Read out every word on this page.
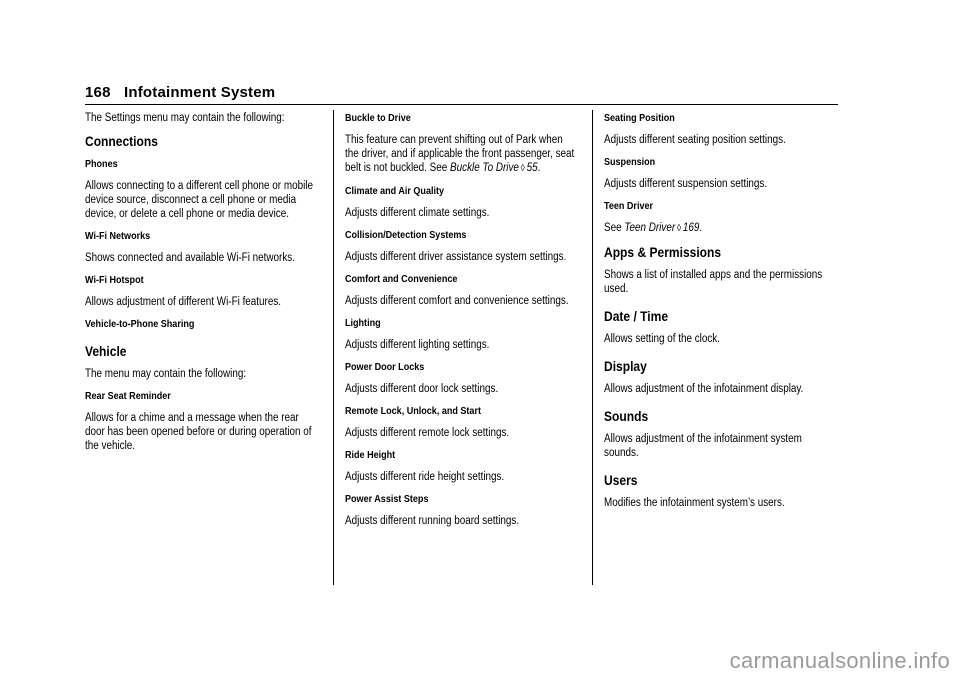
168 Infotainment System

The Settings menu may contain the following:

Connections
Phones

Allows connecting to a different cell phone or mobile device source, disconnect a cell phone or media device, or delete a cell phone or media device.

Wi-Fi Networks

Shows connected and available Wi-Fi networks.

Wi-Fi Hotspot

Allows adjustment of different Wi-Fi features.

Vehicle-to-Phone Sharing
Vehicle

The menu may contain the following:

Rear Seat Reminder

Allows for a chime and a message when the rear door has been opened before or during operation of the vehicle.

Buckle to Drive

This feature can prevent shifting out of Park when the driver, and if applicable the front passenger, seat belt is not buckled. See Buckle To Drive ◊ 55.

Climate and Air Quality

Adjusts different climate settings.

Collision/Detection Systems

Adjusts different driver assistance system settings.

Comfort and Convenience

Adjusts different comfort and convenience settings.

Lighting

Adjusts different lighting settings.

Power Door Locks

Adjusts different door lock settings.

Remote Lock, Unlock, and Start

Adjusts different remote lock settings.

Ride Height

Adjusts different ride height settings.

Power Assist Steps

Adjusts different running board settings.

Seating Position

Adjusts different seating position settings.

Suspension

Adjusts different suspension settings.

Teen Driver

See Teen Driver ◊ 169.

Apps & Permissions

Shows a list of installed apps and the permissions used.

Date / Time

Allows setting of the clock.

Display

Allows adjustment of the infotainment display.

Sounds

Allows adjustment of the infotainment system sounds.

Users

Modifies the infotainment system’s users.

carmanualsonline.info
